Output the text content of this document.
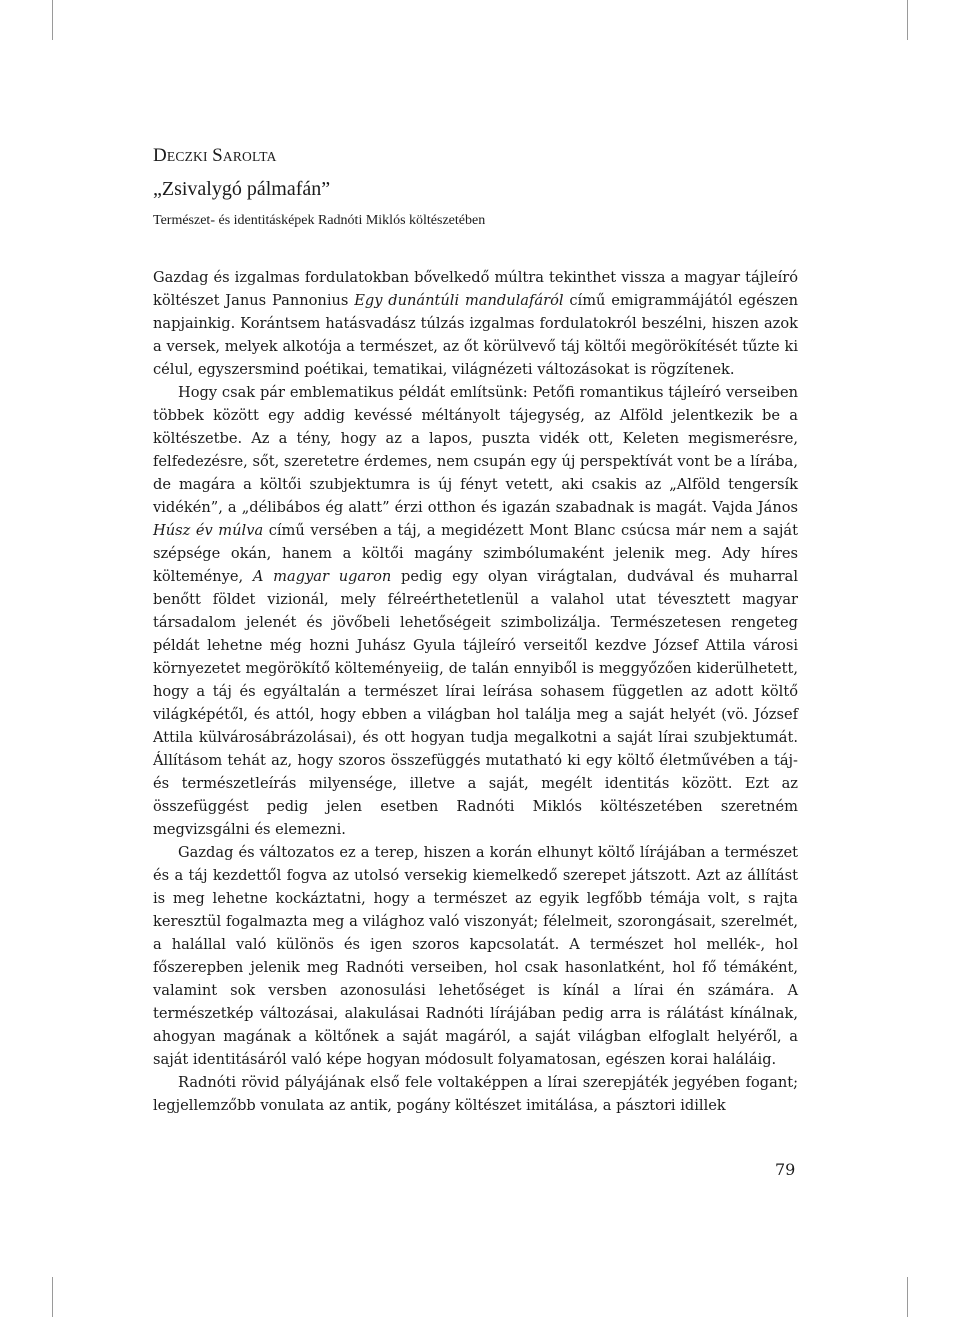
DECZKI SAROLTA
„Zsivalygó pálmafán”
Természet- és identitásképek Radnóti Miklós költészetében

Gazdag és izgalmas fordulatokban bővelkedő múltra tekinthet vissza a magyar tájleíró költészet Janus Pannonius Egy dunántúli mandulafáról című emigrammájától egészen napjainkig. Korántsem hatásvadász túlzás izgalmas fordulatokról beszélni, hiszen azok a versek, melyek alkotója a természet, az őt körülvevő táj költői megörökítését tűzte ki célul, egyszersmind poétikai, tematikai, világnézeti változásokat is rögzítenek.

Hogy csak pár emblematikus példát említsünk: Petőfi romantikus tájleíró verseiben többek között egy addig kevéssé méltányolt tájegység, az Alföld jelentkezik be a költészetbe. Az a tény, hogy az a lapos, puszta vidék ott, Keleten megismerésre, felfedezésre, sőt, szeretetre érdemes, nem csupán egy új perspektívát vont be a lírába, de magára a költői szubjektumra is új fényt vetett, aki csakis az „Alföld tengersík vidékén”, a „délibábos ég alatt” érzi otthon és igazán szabadnak is magát. Vajda János Húsz év múlva című versében a táj, a megidézett Mont Blanc csúcsa már nem a saját szépsége okán, hanem a költői magány szimbólumaként jelenik meg. Ady híres költeménye, A magyar ugaron pedig egy olyan virágtalan, dudvával és muharral benőtt földet vizionál, mely félreérthetetlenül a valahol utat tévesztett magyar társadalom jelenét és jövőbeli lehetőségeit szimbolizálja. Természetesen rengeteg példát lehetne még hozni Juhász Gyula tájleíró verseitől kezdve József Attila városi környezetet megörökítő költeményeiig, de talán ennyiből is meggyőzően kiderülhetett, hogy a táj és egyáltalán a természet lírai leírása sohasem független az adott költő világképétől, és attól, hogy ebben a világban hol találja meg a saját helyét (vö. József Attila külvárosábrázolásai), és ott hogyan tudja megalkotni a saját lírai szubjektumát. Állításom tehát az, hogy szoros összefüggés mutatható ki egy költő életművében a táj- és természetleírás milyensége, illetve a saját, megélt identitás között. Ezt az összefüggést pedig jelen esetben Radnóti Miklós költészetében szeretném megvizsgálni és elemezni.

Gazdag és változatos ez a terep, hiszen a korán elhunyt költő lírájában a természet és a táj kezdettől fogva az utolsó versekig kiemelkedő szerepet játszott. Azt az állítást is meg lehetne kockáztatni, hogy a természet az egyik legfőbb témája volt, s rajta keresztül fogalmazta meg a világhoz való viszonyát; félelmeit, szorongásait, szerelmét, a halállal való különös és igen szoros kapcsolatát. A természet hol mellék-, hol főszerepben jelenik meg Radnóti verseiben, hol csak hasonlatként, hol fő témáként, valamint sok versben azonosulási lehetőséget is kínál a lírai én számára. A természetkép változásai, alakulásai Radnóti lírájában pedig arra is rálátást kínálnak, ahogyan magának a költőnek a saját magáról, a saját világban elfoglalt helyéről, a saját identitásáról való képe hogyan módosult folyamatosan, egészen korai haláláig.

Radnóti rövid pályájának első fele voltaképpen a lírai szerepjáték jegyében fogant; legjellemzőbb vonulata az antik, pogány költészet imitálása, a pásztori idillek

79
